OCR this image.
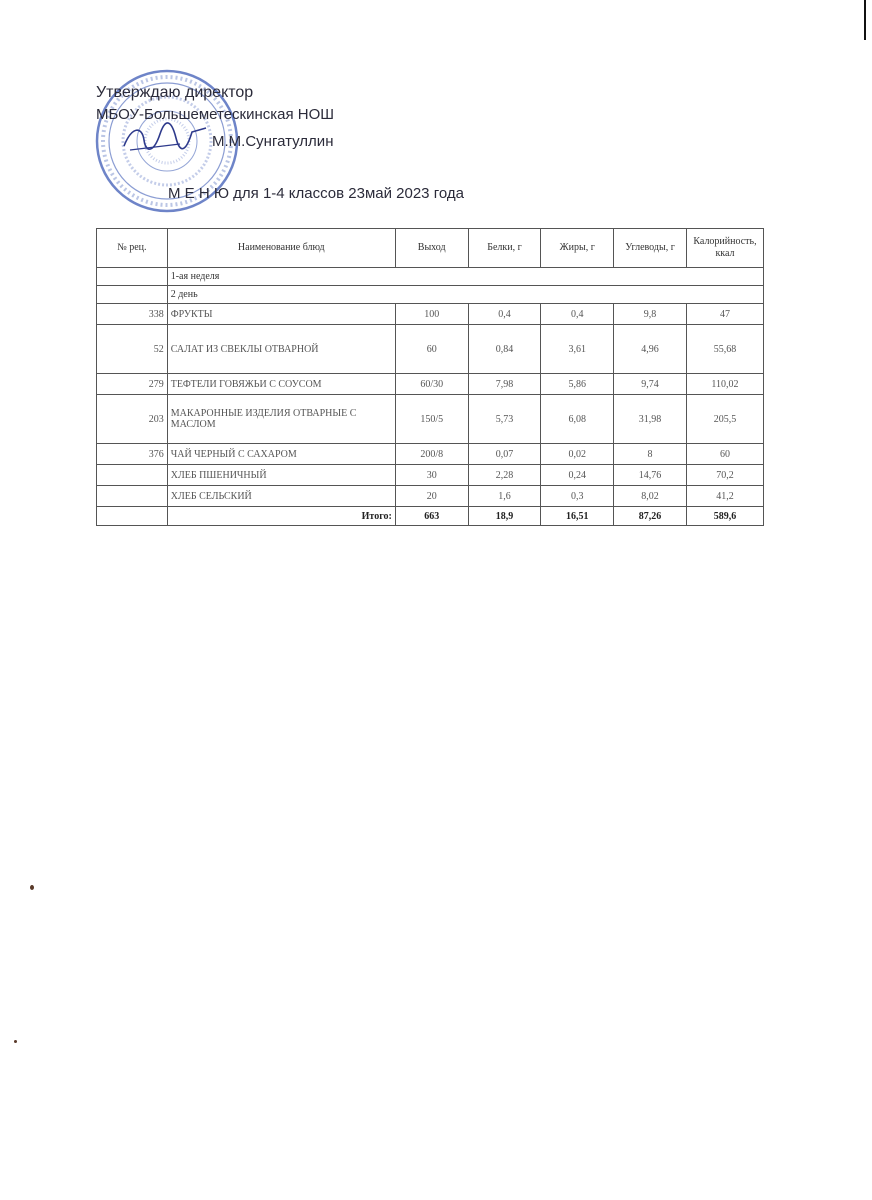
Утверждаю директор
МБОУ-Большеметескинская НОШ
М.М.Сунгатуллин
М Е Н Ю для 1-4 классов 23май 2023 года
№ рец.	Наименование блюд	Выход	Белки, г	Жиры, г	Углеводы, г	Калорийность, ккал
	1-ая неделя					
	2 день					
338	ФРУКТЫ	100	0,4	0,4	9,8	47
52	САЛАТ ИЗ СВЕКЛЫ ОТВАРНОЙ	60	0,84	3,61	4,96	55,68
279	ТЕФТЕЛИ ГОВЯЖЬИ С СОУСОМ	60/30	7,98	5,86	9,74	110,02
203	МАКАРОННЫЕ ИЗДЕЛИЯ ОТВАРНЫЕ С МАСЛОМ	150/5	5,73	6,08	31,98	205,5
376	ЧАЙ ЧЕРНЫЙ С САХАРОМ	200/8	0,07	0,02	8	60
	ХЛЕБ ПШЕНИЧНЫЙ	30	2,28	0,24	14,76	70,2
	ХЛЕБ СЕЛЬСКИЙ	20	1,6	0,3	8,02	41,2
	Итого:	663	18,9	16,51	87,26	589,6
